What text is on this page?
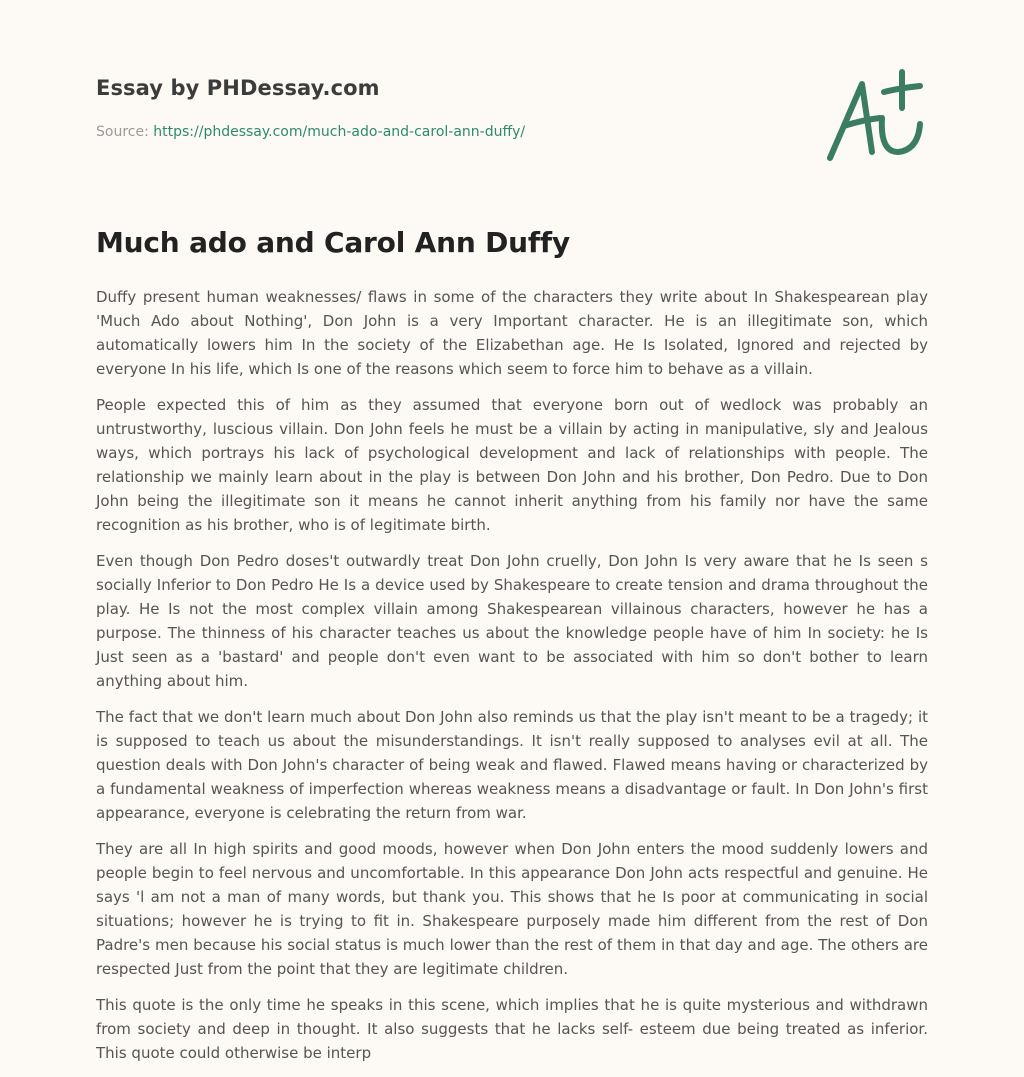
Essay by PHDessay.com

Source: https://phdessay.com/much-ado-and-carol-ann-duffy/

Much ado and Carol Ann Duffy

Duffy present human weaknesses/ flaws in some of the characters they write about In Shakespearean play 'Much Ado about Nothing', Don John is a very Important character. He is an illegitimate son, which automatically lowers him In the society of the Elizabethan age. He Is Isolated, Ignored and rejected by everyone In his life, which Is one of the reasons which seem to force him to behave as a villain.

People expected this of him as they assumed that everyone born out of wedlock was probably an untrustworthy, luscious villain. Don John feels he must be a villain by acting in manipulative, sly and Jealous ways, which portrays his lack of psychological development and lack of relationships with people. The relationship we mainly learn about in the play is between Don John and his brother, Don Pedro. Due to Don John being the illegitimate son it means he cannot inherit anything from his family nor have the same recognition as his brother, who is of legitimate birth.

Even though Don Pedro doses't outwardly treat Don John cruelly, Don John Is very aware that he Is seen s socially Inferior to Don Pedro He Is a device used by Shakespeare to create tension and drama throughout the play. He Is not the most complex villain among Shakespearean villainous characters, however he has a purpose. The thinness of his character teaches us about the knowledge people have of him In society: he Is Just seen as a 'bastard' and people don't even want to be associated with him so don't bother to learn anything about him.

The fact that we don't learn much about Don John also reminds us that the play isn't meant to be a tragedy; it is supposed to teach us about the misunderstandings. It isn't really supposed to analyses evil at all. The question deals with Don John's character of being weak and flawed. Flawed means having or characterized by a fundamental weakness of imperfection whereas weakness means a disadvantage or fault. In Don John's first appearance, everyone is celebrating the return from war.

They are all In high spirits and good moods, however when Don John enters the mood suddenly lowers and people begin to feel nervous and uncomfortable. In this appearance Don John acts respectful and genuine. He says 'l am not a man of many words, but thank you. This shows that he Is poor at communicating in social situations; however he is trying to fit in. Shakespeare purposely made him different from the rest of Don Padre's men because his social status is much lower than the rest of them in that day and age. The others are respected Just from the point that they are legitimate children.

This quote is the only time he speaks in this scene, which implies that he is quite mysterious and withdrawn from society and deep in thought. It also suggests that he lacks self- esteem due being treated as inferior. This quote could otherwise be interp
